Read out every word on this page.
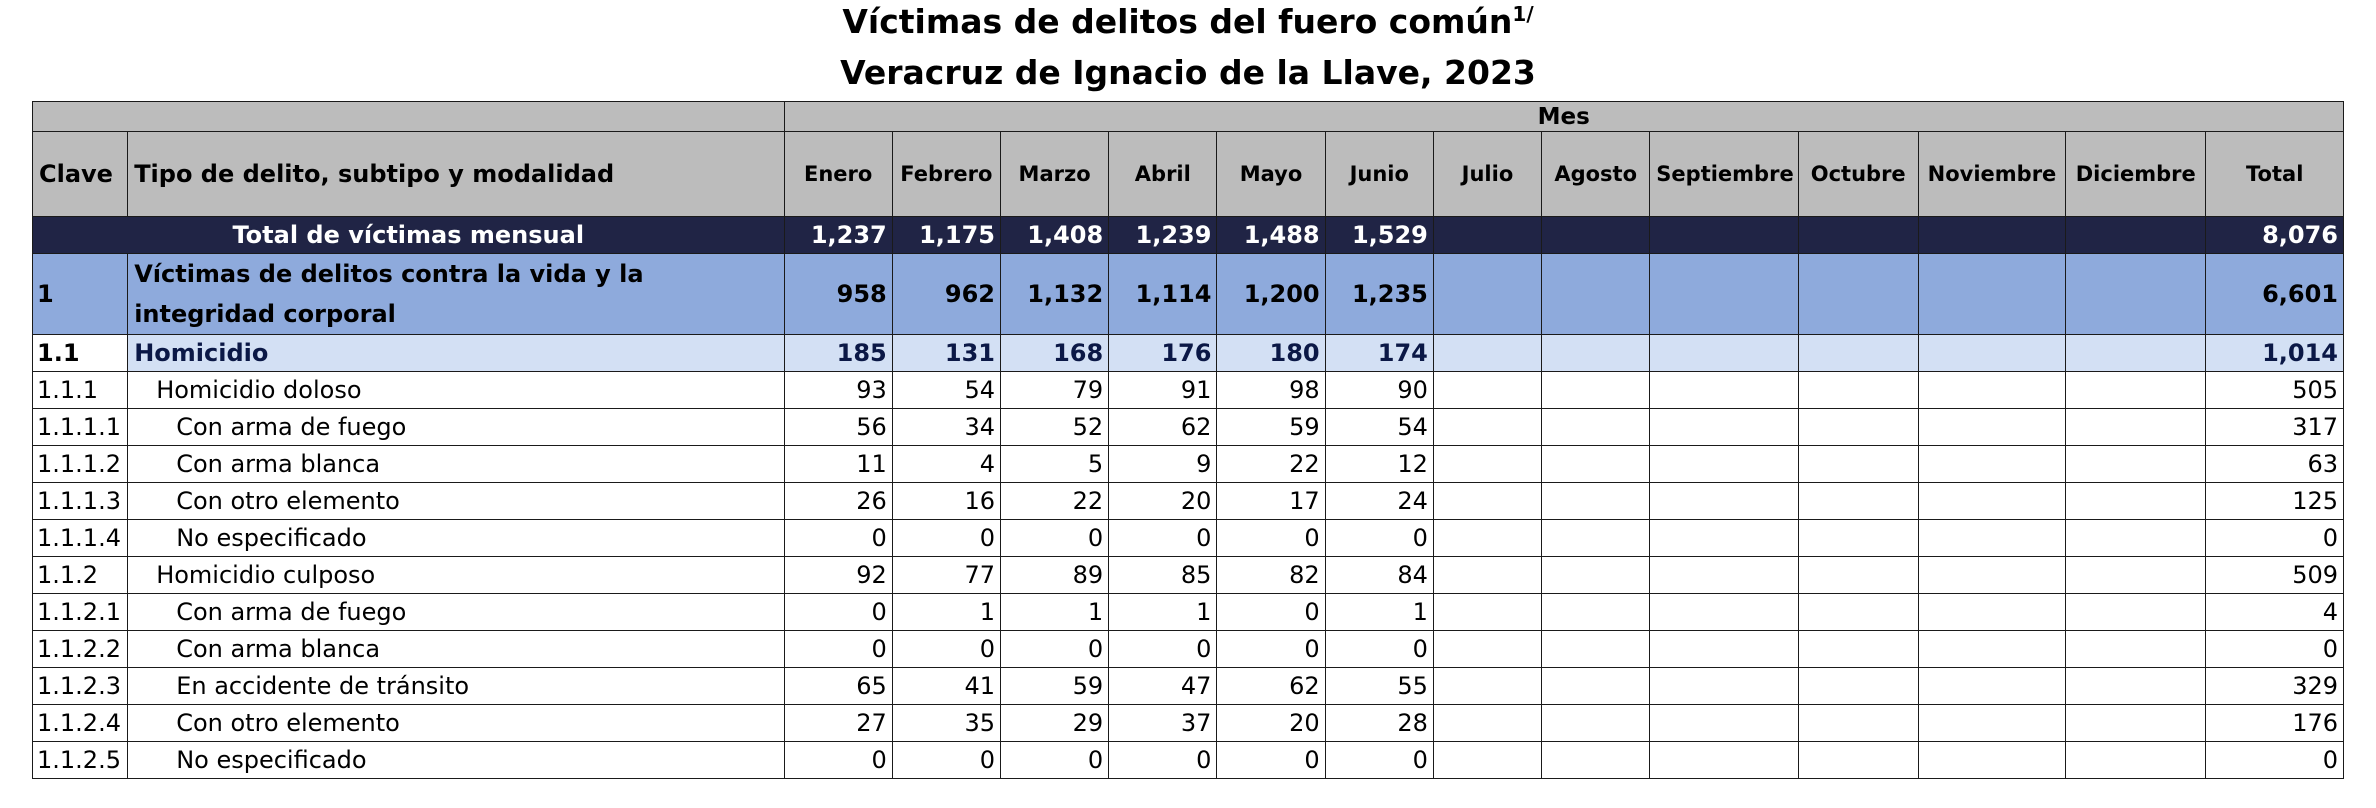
Víctimas de delitos del fuero común$^{1/}$
Veracruz de Ignacio de la Llave, 2023
		Mes												
Clave	Tipo de delito, subtipo y modalidad	Enero	Febrero	Marzo	Abril	Mayo	Junio	Julio	Agosto	Septiembre	Octubre	Noviembre	Diciembre	Total
Total de víctimas mensual		1,237	1,175	1,408	1,239	1,488	1,529							8,076
1	Víctimas de delitos contra la vida y la integridad corporal	958	962	1,132	1,114	1,200	1,235							6,601
1.1	Homicidio	185	131	168	176	180	174							1,014
1.1.1	Homicidio doloso	93	54	79	91	98	90							505
1.1.1.1	Con arma de fuego	56	34	52	62	59	54							317
1.1.1.2	Con arma blanca	11	4	5	9	22	12							63
1.1.1.3	Con otro elemento	26	16	22	20	17	24							125
1.1.1.4	No especificado	0	0	0	0	0	0							0
1.1.2	Homicidio culposo	92	77	89	85	82	84							509
1.1.2.1	Con arma de fuego	0	1	1	1	0	1							4
1.1.2.2	Con arma blanca	0	0	0	0	0	0							0
1.1.2.3	En accidente de tránsito	65	41	59	47	62	55							329
1.1.2.4	Con otro elemento	27	35	29	37	20	28							176
1.1.2.5	No especificado	0	0	0	0	0	0							0
